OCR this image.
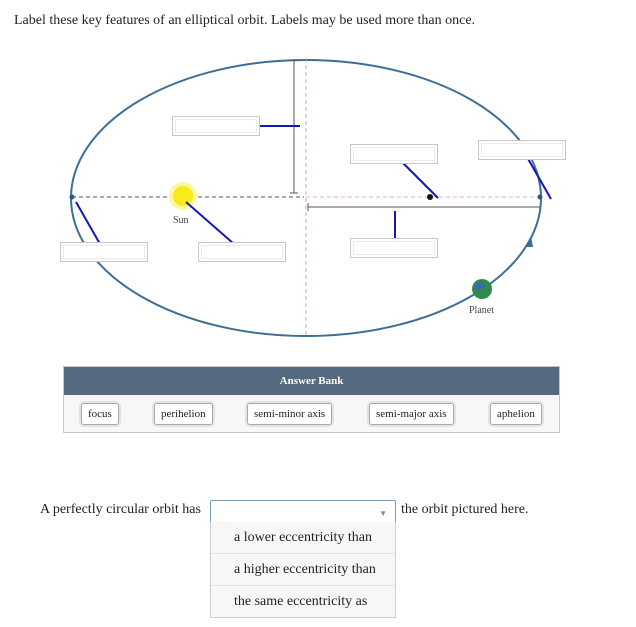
Label these key features of an elliptical orbit. Labels may be used more than once.
Sun
Planet
Answer Bank
focus	perihelion	semi-minor axis	semi-major axis	aphelion
A perfectly circular orbit has	▼ the orbit pictured here.
a lower eccentricity than
a higher eccentricity than
the same eccentricity as
